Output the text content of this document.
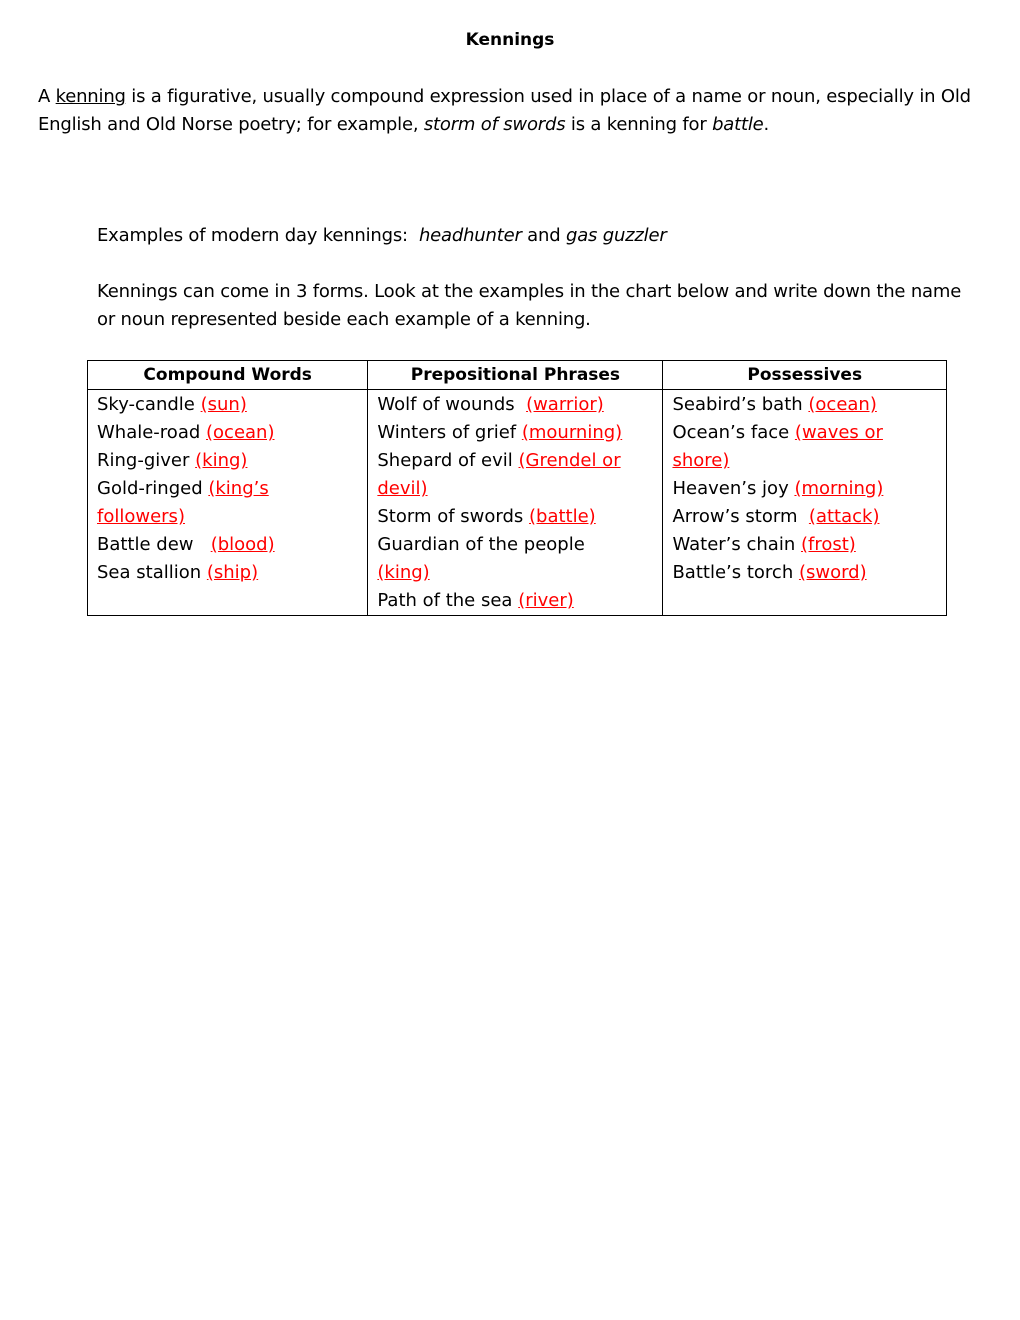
Kennings

A kenning is a figurative, usually compound expression used in place of a name or noun, especially in Old English and Old Norse poetry; for example, storm of swords is a kenning for battle.

Examples of modern day kennings:  headhunter and gas guzzler

Kennings can come in 3 forms. Look at the examples in the chart below and write down the name or noun represented beside each example of a kenning.

Compound Words	Prepositional Phrases	Possessives

Sky-candle (sun)
Whale-road (ocean)
Ring-giver (king)
Gold-ringed (king’s followers)
Battle dew   (blood)
Sea stallion (ship)

Wolf of wounds  (warrior)
Winters of grief (mourning)
Shepard of evil (Grendel or devil)
Storm of swords (battle)
Guardian of the people (king)
Path of the sea (river)

Seabird’s bath (ocean)
Ocean’s face (waves or shore)
Heaven’s joy (morning)
Arrow’s storm  (attack)
Water’s chain (frost)
Battle’s torch (sword)
